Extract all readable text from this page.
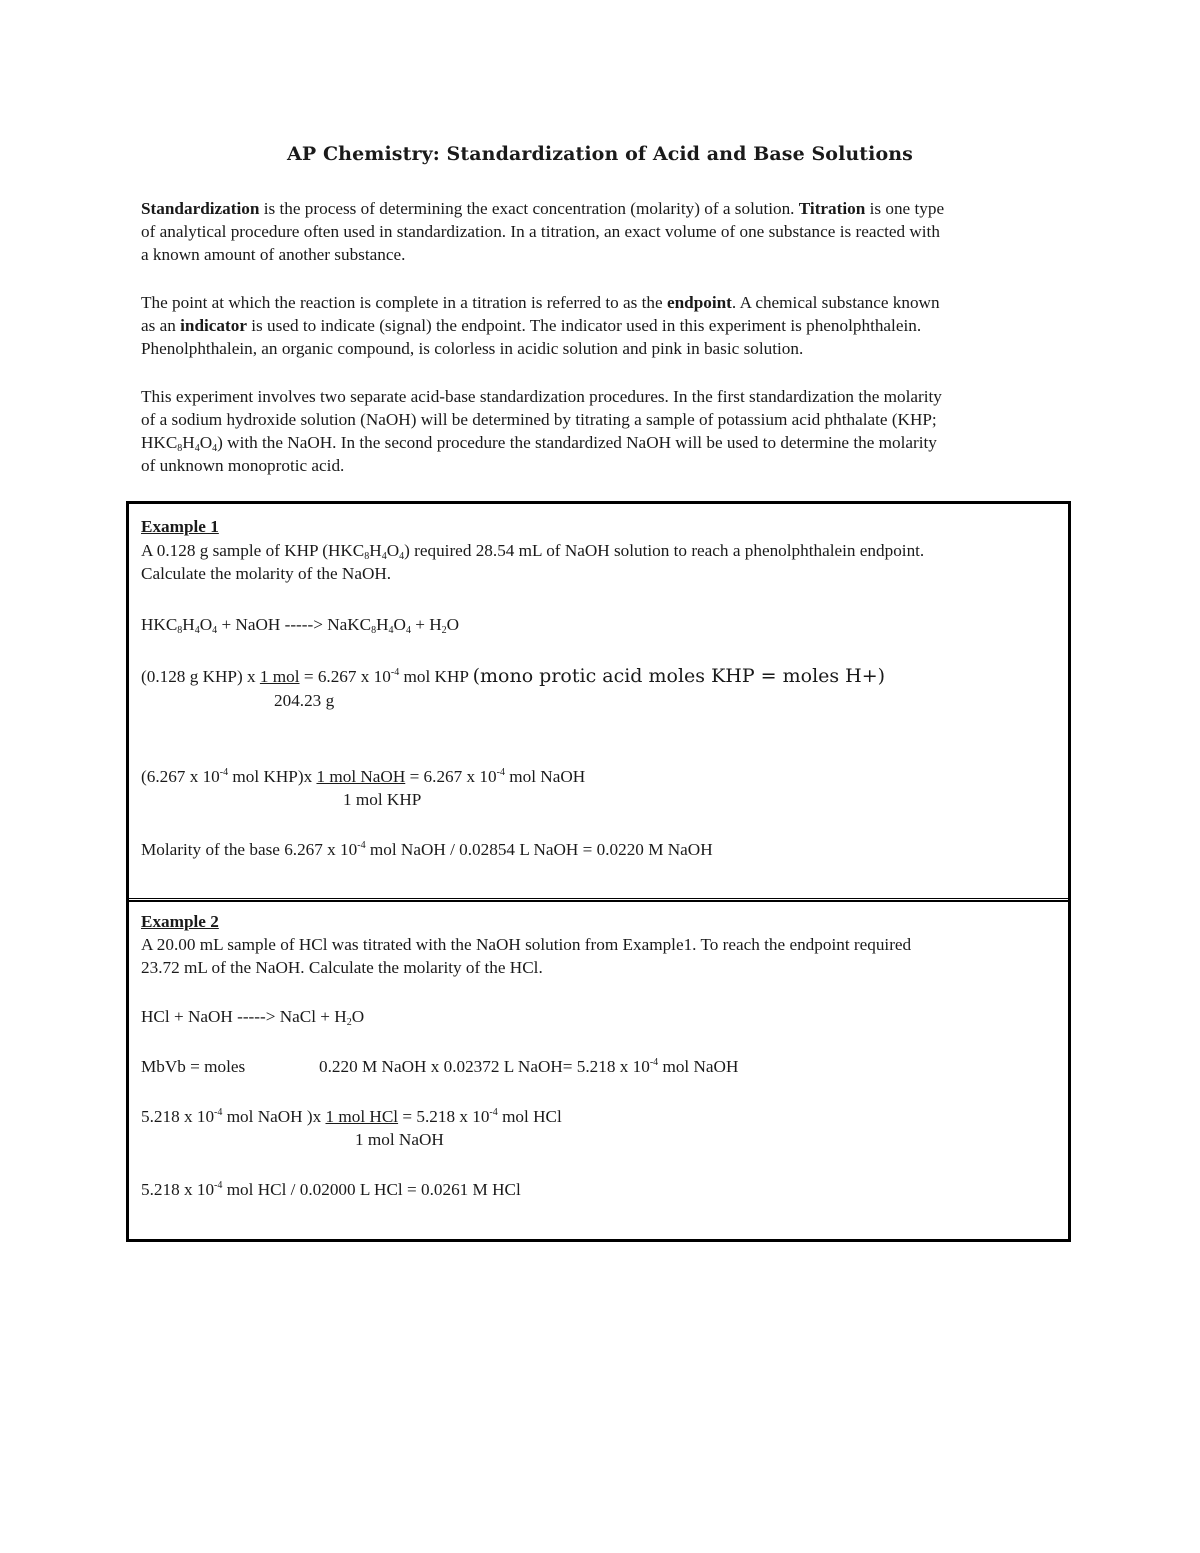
AP Chemistry: Standardization of Acid and Base Solutions

Standardization is the process of determining the exact concentration (molarity) of a solution. Titration is one type
of analytical procedure often used in standardization. In a titration, an exact volume of one substance is reacted with
a known amount of another substance.

The point at which the reaction is complete in a titration is referred to as the endpoint. A chemical substance known
as an indicator is used to indicate (signal) the endpoint. The indicator used in this experiment is phenolphthalein.
Phenolphthalein, an organic compound, is colorless in acidic solution and pink in basic solution.

This experiment involves two separate acid-base standardization procedures. In the first standardization the molarity
of a sodium hydroxide solution (NaOH) will be determined by titrating a sample of potassium acid phthalate (KHP;
HKC8H4O4) with the NaOH. In the second procedure the standardized NaOH will be used to determine the molarity
of unknown monoprotic acid.

Example 1
A 0.128 g sample of KHP (HKC8H4O4) required 28.54 mL of NaOH solution to reach a phenolphthalein endpoint.
Calculate the molarity of the NaOH.
HKC8H4O4 + NaOH -----> NaKC8H4O4 + H2O
(0.128 g KHP) x 1 mol = 6.267 x $10^{-4}$ mol KHP (mono protic acid moles KHP = moles H+)
204.23 g
(6.267 x $10^{-4}$ mol KHP)x 1 mol NaOH = 6.267 x $10^{-4}$ mol NaOH
1 mol KHP
Molarity of the base 6.267 x $10^{-4}$ mol NaOH / 0.02854 L NaOH = 0.0220 M NaOH
Example 2
A 20.00 mL sample of HCl was titrated with the NaOH solution from Example1. To reach the endpoint required
23.72 mL of the NaOH. Calculate the molarity of the HCl.
HCl + NaOH -----> NaCl + H2O
MbVb = moles	0.220 M NaOH x 0.02372 L NaOH= 5.218 x $10^{-4}$ mol NaOH
5.218 x $10^{-4}$ mol NaOH )x 1 mol HCl = 5.218 x $10^{-4}$ mol HCl
1 mol NaOH
5.218 x $10^{-4}$ mol HCl / 0.02000 L HCl = 0.0261 M HCl
